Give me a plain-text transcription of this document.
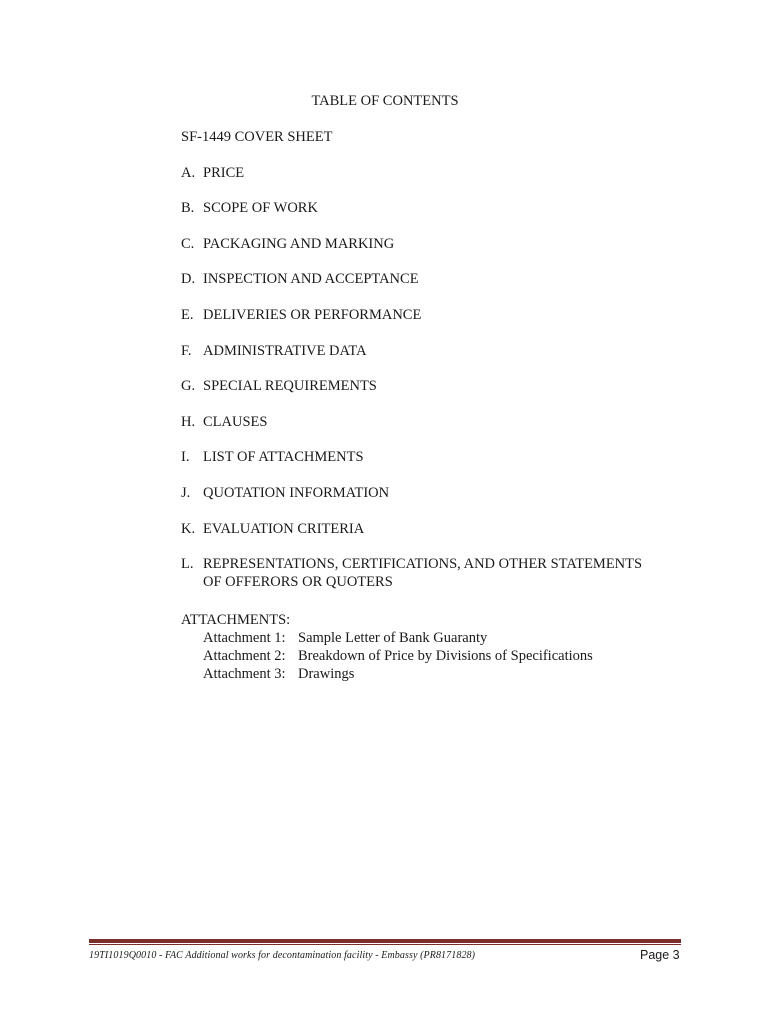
TABLE OF CONTENTS
SF-1449 COVER SHEET
A. PRICE
B. SCOPE OF WORK
C. PACKAGING AND MARKING
D. INSPECTION AND ACCEPTANCE
E. DELIVERIES OR PERFORMANCE
F. ADMINISTRATIVE DATA
G. SPECIAL REQUIREMENTS
H. CLAUSES
I. LIST OF ATTACHMENTS
J. QUOTATION INFORMATION
K. EVALUATION CRITERIA
L. REPRESENTATIONS, CERTIFICATIONS, AND OTHER STATEMENTS
OF OFFERORS OR QUOTERS
ATTACHMENTS:
Attachment 1: Sample Letter of Bank Guaranty
Attachment 2: Breakdown of Price by Divisions of Specifications
Attachment 3: Drawings
19TI1019Q0010 - FAC Additional works for decontamination facility - Embassy (PR8171828)	Page 3
